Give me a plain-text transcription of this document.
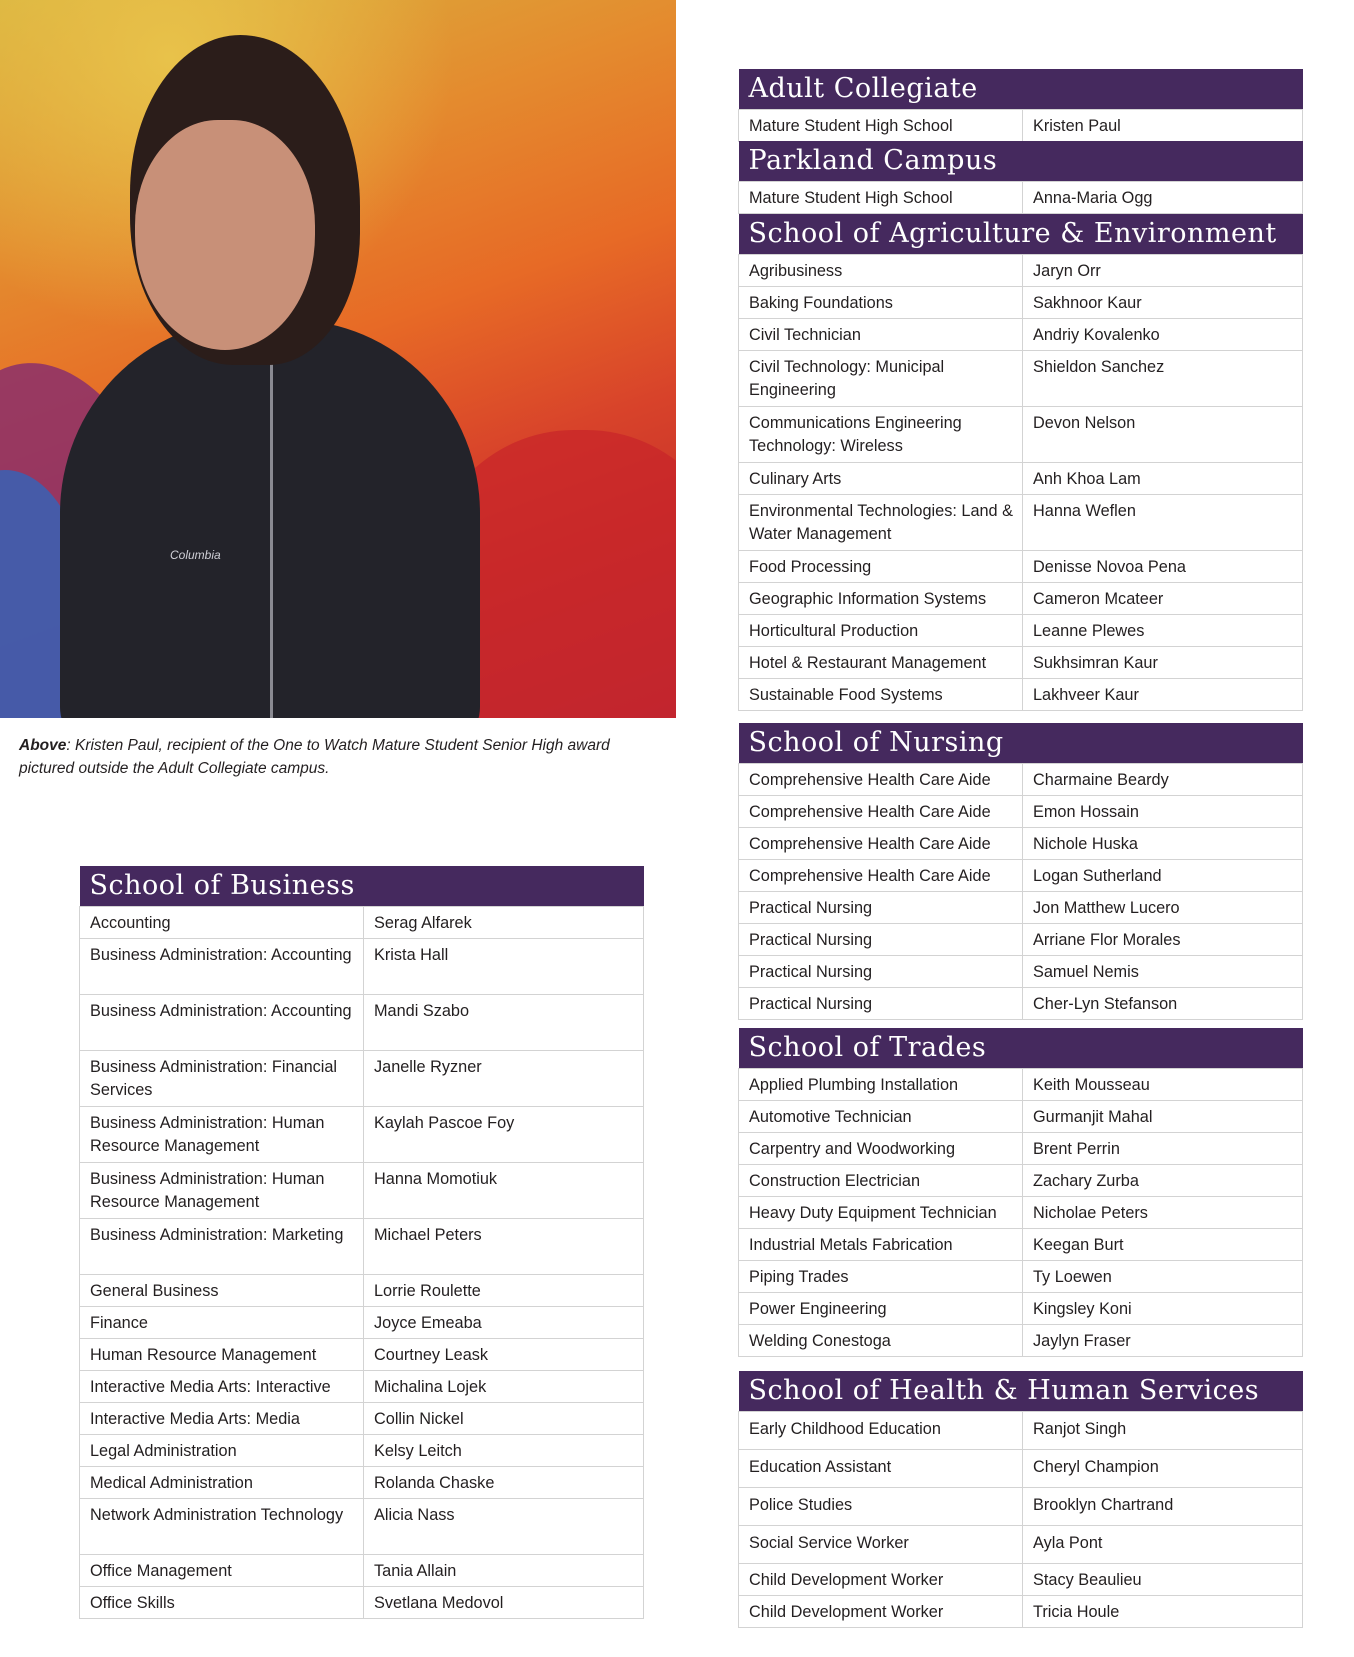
Columbia
Above: Kristen Paul, recipient of the One to Watch Mature Student Senior High award pictured outside the Adult Collegiate campus.
Adult Collegiate
Mature Student High School	Kristen Paul
Parkland Campus
Mature Student High School	Anna-Maria Ogg
School of Agriculture & Environment	
Agribusiness	Jaryn Orr
Baking Foundations	Sakhnoor Kaur
Civil Technician	Andriy Kovalenko
Civil Technology: Municipal Engineering	Shieldon Sanchez
Communications Engineering Technology: Wireless	Devon Nelson
Culinary Arts	Anh Khoa Lam
Environmental Technologies: Land & Water Management	Hanna Weflen
Food Processing	Denisse Novoa Pena
Geographic Information Systems	Cameron Mcateer
Horticultural Production	Leanne Plewes
Hotel & Restaurant Management	Sukhsimran Kaur
Sustainable Food Systems	Lakhveer Kaur
School of Nursing	
Comprehensive Health Care Aide	Charmaine Beardy
Comprehensive Health Care Aide	Emon Hossain
Comprehensive Health Care Aide	Nichole Huska
Comprehensive Health Care Aide	Logan Sutherland
Practical Nursing	Jon Matthew Lucero
Practical Nursing	Arriane Flor Morales
Practical Nursing	Samuel Nemis
Practical Nursing	Cher-Lyn Stefanson
School of Trades	
Applied Plumbing Installation	Keith Mousseau
Automotive Technician	Gurmanjit Mahal
Carpentry and Woodworking	Brent Perrin
Construction Electrician	Zachary Zurba
Heavy Duty Equipment Technician	Nicholae Peters
Industrial Metals Fabrication	Keegan Burt
Piping Trades	Ty Loewen
Power Engineering	Kingsley Koni
Welding Conestoga	Jaylyn Fraser
School of Health & Human Services	
Early Childhood Education	Ranjot Singh
Education Assistant	Cheryl Champion
Police Studies	Brooklyn Chartrand
Social Service Worker	Ayla Pont
Child Development Worker	Stacy Beaulieu
Child Development Worker	Tricia Houle
School of Business	
Accounting	Serag Alfarek
Business Administration: Accounting	Krista Hall
Business Administration: Accounting	Mandi Szabo
Business Administration: Financial Services	Janelle Ryzner
Business Administration: Human Resource Management	Kaylah Pascoe Foy
Business Administration: Human Resource Management	Hanna Momotiuk
Business Administration: Marketing	Michael Peters
General Business	Lorrie Roulette
Finance	Joyce Emeaba
Human Resource Management	Courtney Leask
Interactive Media Arts: Interactive	Michalina Lojek
Interactive Media Arts: Media	Collin Nickel
Legal Administration	Kelsy Leitch
Medical Administration	Rolanda Chaske
Network Administration Technology	Alicia Nass
Office Management	Tania Allain
Office Skills	Svetlana Medovol
